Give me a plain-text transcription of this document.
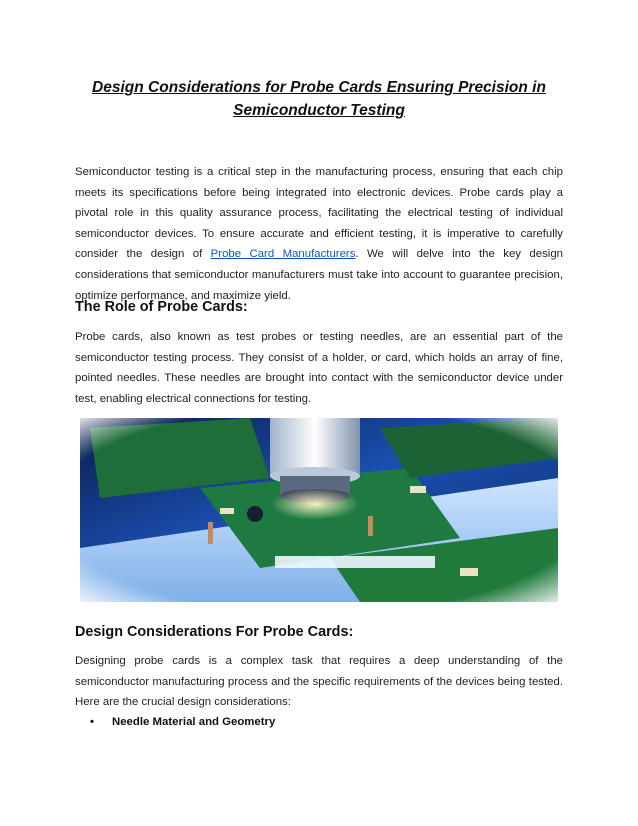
Design Considerations for Probe Cards Ensuring Precision in Semiconductor Testing
Semiconductor testing is a critical step in the manufacturing process, ensuring that each chip meets its specifications before being integrated into electronic devices. Probe cards play a pivotal role in this quality assurance process, facilitating the electrical testing of individual semiconductor devices. To ensure accurate and efficient testing, it is imperative to carefully consider the design of Probe Card Manufacturers. We will delve into the key design considerations that semiconductor manufacturers must take into account to guarantee precision, optimize performance, and maximize yield.
The Role of Probe Cards:
Probe cards, also known as test probes or testing needles, are an essential part of the semiconductor testing process. They consist of a holder, or card, which holds an array of fine, pointed needles. These needles are brought into contact with the semiconductor device under test, enabling electrical connections for testing.
Design Considerations For Probe Cards:
Designing probe cards is a complex task that requires a deep understanding of the semiconductor manufacturing process and the specific requirements of the devices being tested. Here are the crucial design considerations:
• Needle Material and Geometry
